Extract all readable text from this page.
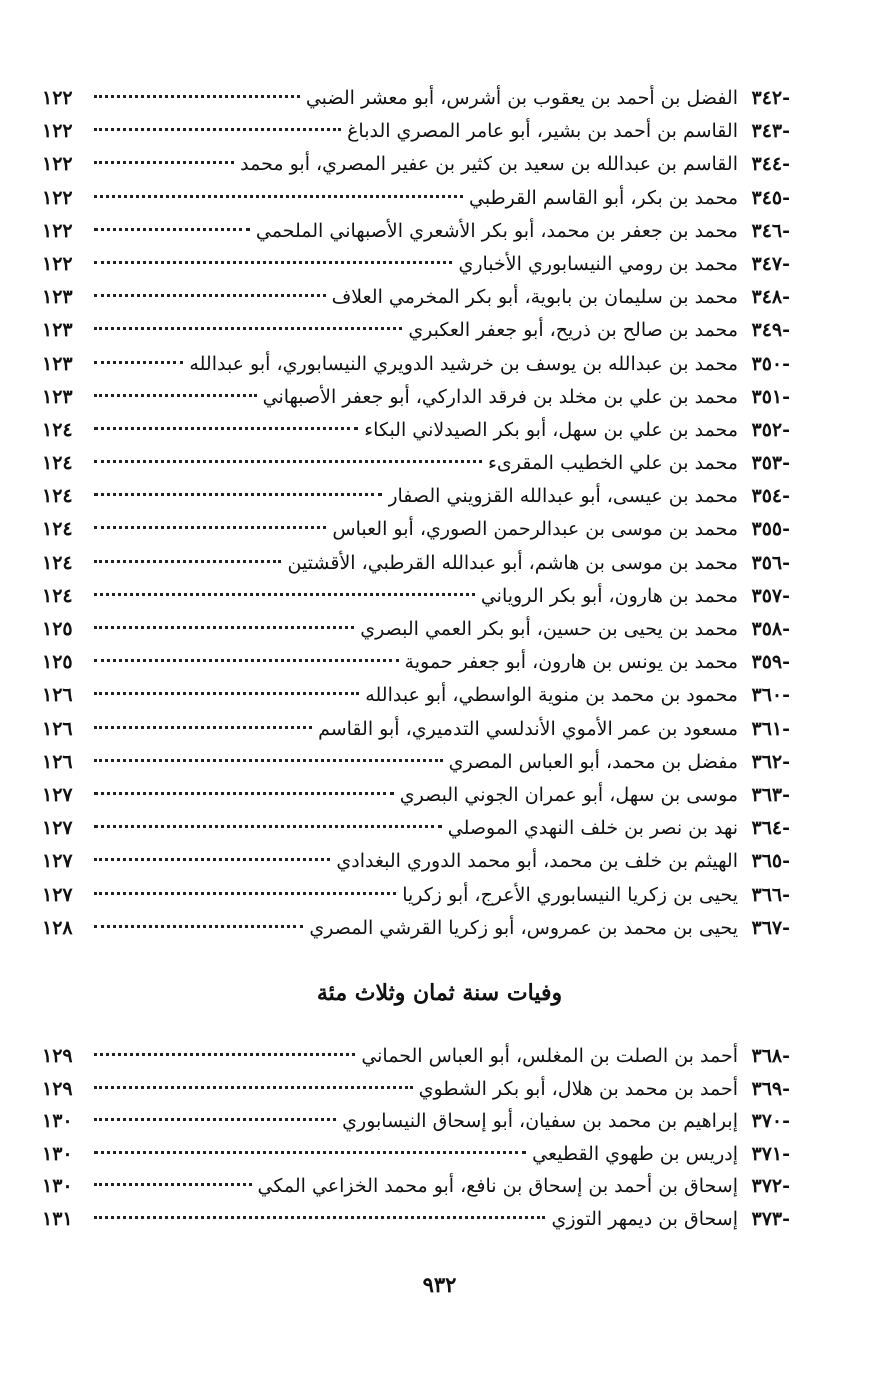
-٣٤٢
الفضل بن أحمد بن يعقوب بن أشرس، أبو معشر الضبي
١٢٢
-٣٤٣
القاسم بن أحمد بن بشير، أبو عامر المصري الدباغ
١٢٢
-٣٤٤
القاسم بن عبدالله بن سعيد بن كثير بن عفير المصري، أبو محمد
١٢٢
-٣٤٥
محمد بن بكر، أبو القاسم القرطبي
١٢٢
-٣٤٦
محمد بن جعفر بن محمد، أبو بكر الأشعري الأصبهاني الملحمي
١٢٢
-٣٤٧
محمد بن رومي النيسابوري الأخباري
١٢٢
-٣٤٨
محمد بن سليمان بن بابوية، أبو بكر المخرمي العلاف
١٢٣
-٣٤٩
محمد بن صالح بن ذريح، أبو جعفر العكبري
١٢٣
-٣٥٠
محمد بن عبدالله بن يوسف بن خرشيد الدويري النيسابوري، أبو عبدالله
١٢٣
-٣٥١
محمد بن علي بن مخلد بن فرقد الداركي، أبو جعفر الأصبهاني
١٢٣
-٣٥٢
محمد بن علي بن سهل، أبو بكر الصيدلاني البكاء
١٢٤
-٣٥٣
محمد بن علي الخطيب المقرىء
١٢٤
-٣٥٤
محمد بن عيسى، أبو عبدالله القزويني الصفار
١٢٤
-٣٥٥
محمد بن موسى بن عبدالرحمن الصوري، أبو العباس
١٢٤
-٣٥٦
محمد بن موسى بن هاشم، أبو عبدالله القرطبي، الأقشتين
١٢٤
-٣٥٧
محمد بن هارون، أبو بكر الروياني
١٢٤
-٣٥٨
محمد بن يحيى بن حسين، أبو بكر العمي البصري
١٢٥
-٣٥٩
محمد بن يونس بن هارون، أبو جعفر حموية
١٢٥
-٣٦٠
محمود بن محمد بن منوية الواسطي، أبو عبدالله
١٢٦
-٣٦١
مسعود بن عمر الأموي الأندلسي التدميري، أبو القاسم
١٢٦
-٣٦٢
مفضل بن محمد، أبو العباس المصري
١٢٦
-٣٦٣
موسى بن سهل، أبو عمران الجوني البصري
١٢٧
-٣٦٤
نهد بن نصر بن خلف النهدي الموصلي
١٢٧
-٣٦٥
الهيثم بن خلف بن محمد، أبو محمد الدوري البغدادي
١٢٧
-٣٦٦
يحيى بن زكريا النيسابوري الأعرج، أبو زكريا
١٢٧
-٣٦٧
يحيى بن محمد بن عمروس، أبو زكريا القرشي المصري
١٢٨
وفيات سنة ثمان وثلاث مئة
-٣٦٨
أحمد بن الصلت بن المغلس، أبو العباس الحماني
١٢٩
-٣٦٩
أحمد بن محمد بن هلال، أبو بكر الشطوي
١٢٩
-٣٧٠
إبراهيم بن محمد بن سفيان، أبو إسحاق النيسابوري
١٣٠
-٣٧١
إدريس بن طهوي القطيعي
١٣٠
-٣٧٢
إسحاق بن أحمد بن إسحاق بن نافع، أبو محمد الخزاعي المكي
١٣٠
-٣٧٣
إسحاق بن ديمهر التوزي
١٣١
٩٣٢
